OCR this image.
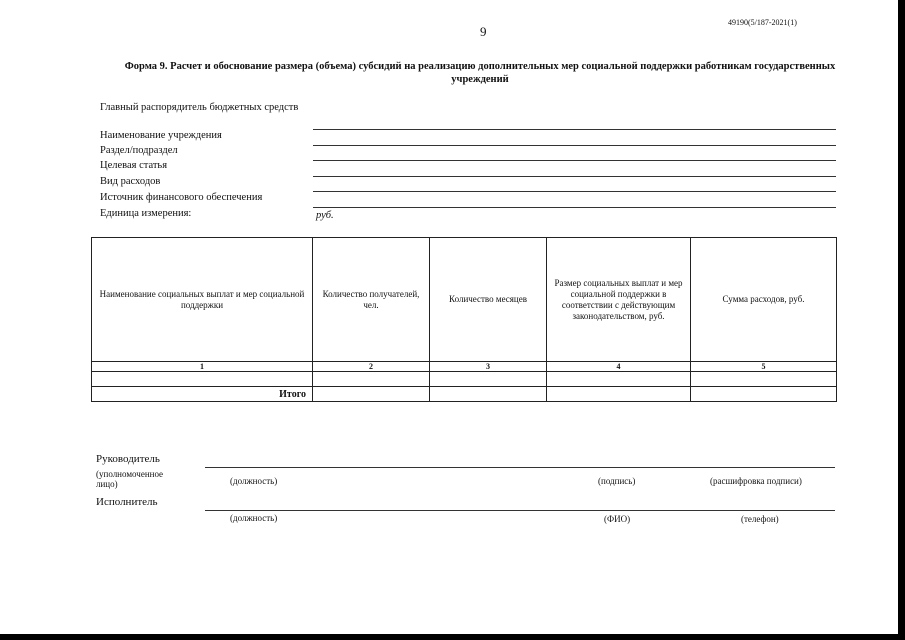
9
49190(5/187-2021(1)
Форма 9. Расчет и обоснование размера (объема) субсидий на реализацию дополнительных мер социальной поддержки работникам государственных учреждений
Главный распорядитель бюджетных средств
Наименование учреждения
Раздел/подраздел
Целевая статья
Вид расходов
Источник финансового обеспечения
Единица измерения:	руб.
Наименование социальных выплат и мер социальной поддержки	Количество получателей, чел.	Количество месяцев	Размер социальных выплат и мер социальной поддержки в соответствии с действующим законодательством, руб.	Сумма расходов, руб.
1	2	3	4	5

Итого				
Руководитель
(уполномоченное лицо)	(должность)	(подпись)	(расшифровка подписи)
Исполнитель
(должность)	(ФИО)	(телефон)
